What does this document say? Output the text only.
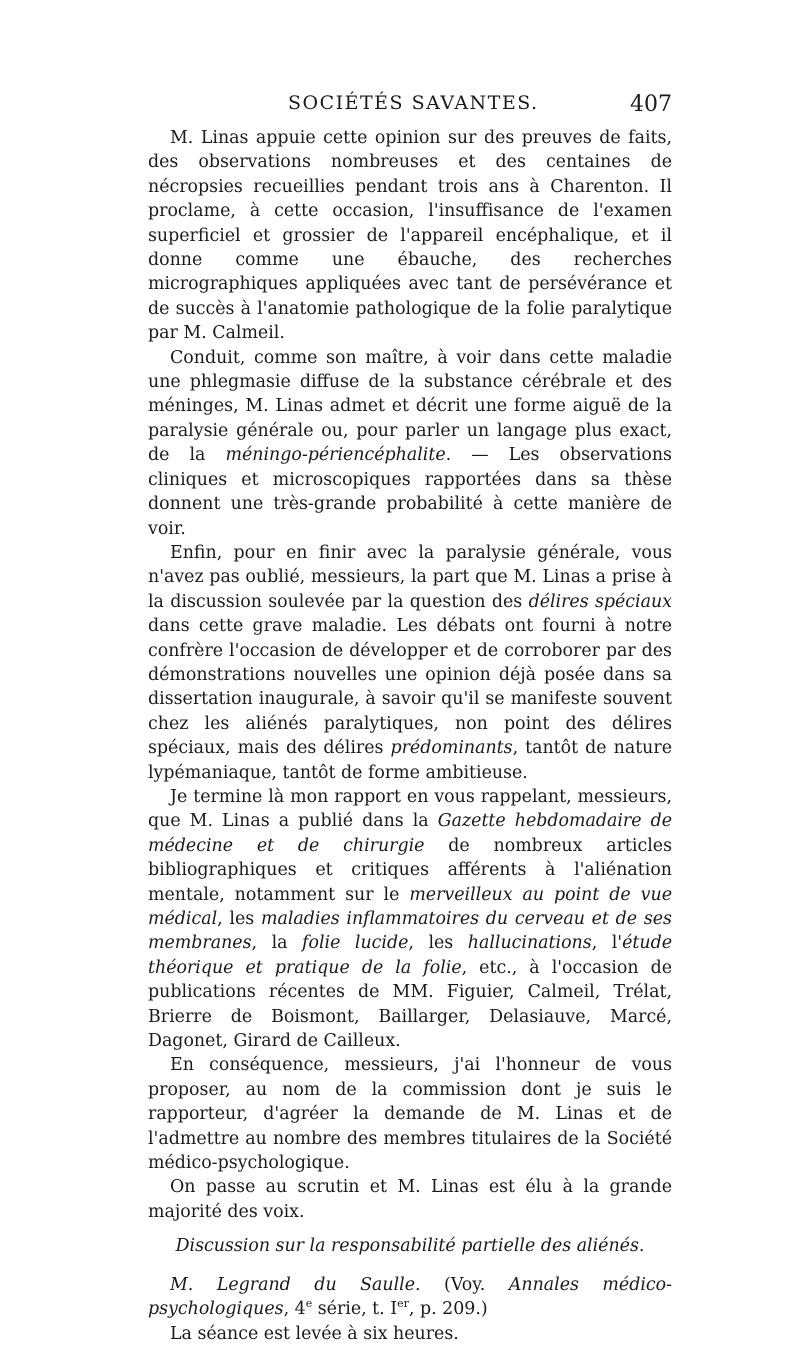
SOCIÉTÉS SAVANTES.	407

M. Linas appuie cette opinion sur des preuves de faits, des observations nombreuses et des centaines de nécropsies recueillies pendant trois ans à Charenton. Il proclame, à cette occasion, l'insuffisance de l'examen superficiel et grossier de l'appareil encéphalique, et il donne comme une ébauche, des recherches micrographiques appliquées avec tant de persévérance et de succès à l'anatomie pathologique de la folie paralytique par M. Calmeil.

Conduit, comme son maître, à voir dans cette maladie une phlegmasie diffuse de la substance cérébrale et des méninges, M. Linas admet et décrit une forme aiguë de la paralysie générale ou, pour parler un langage plus exact, de la méningo-périencéphalite. — Les observations cliniques et microscopiques rapportées dans sa thèse donnent une très-grande probabilité à cette manière de voir.

Enfin, pour en finir avec la paralysie générale, vous n'avez pas oublié, messieurs, la part que M. Linas a prise à la discussion soulevée par la question des délires spéciaux dans cette grave maladie. Les débats ont fourni à notre confrère l'occasion de développer et de corroborer par des démonstrations nouvelles une opinion déjà posée dans sa dissertation inaugurale, à savoir qu'il se manifeste souvent chez les aliénés paralytiques, non point des délires spéciaux, mais des délires prédominants, tantôt de nature lypémaniaque, tantôt de forme ambitieuse.

Je termine là mon rapport en vous rappelant, messieurs, que M. Linas a publié dans la Gazette hebdomadaire de médecine et de chirurgie de nombreux articles bibliographiques et critiques afférents à l'aliénation mentale, notamment sur le merveilleux au point de vue médical, les maladies inflammatoires du cerveau et de ses membranes, la folie lucide, les hallucinations, l'étude théorique et pratique de la folie, etc., à l'occasion de publications récentes de MM. Figuier, Calmeil, Trélat, Brierre de Boismont, Baillarger, Delasiauve, Marcé, Dagonet, Girard de Cailleux.

En conséquence, messieurs, j'ai l'honneur de vous proposer, au nom de la commission dont je suis le rapporteur, d'agréer la demande de M. Linas et de l'admettre au nombre des membres titulaires de la Société médico-psychologique.

On passe au scrutin et M. Linas est élu à la grande majorité des voix.

Discussion sur la responsabilité partielle des aliénés.

M. Legrand du Saulle. (Voy. Annales médico-psychologiques, 4e série, t. Ier, p. 209.)

La séance est levée à six heures.
